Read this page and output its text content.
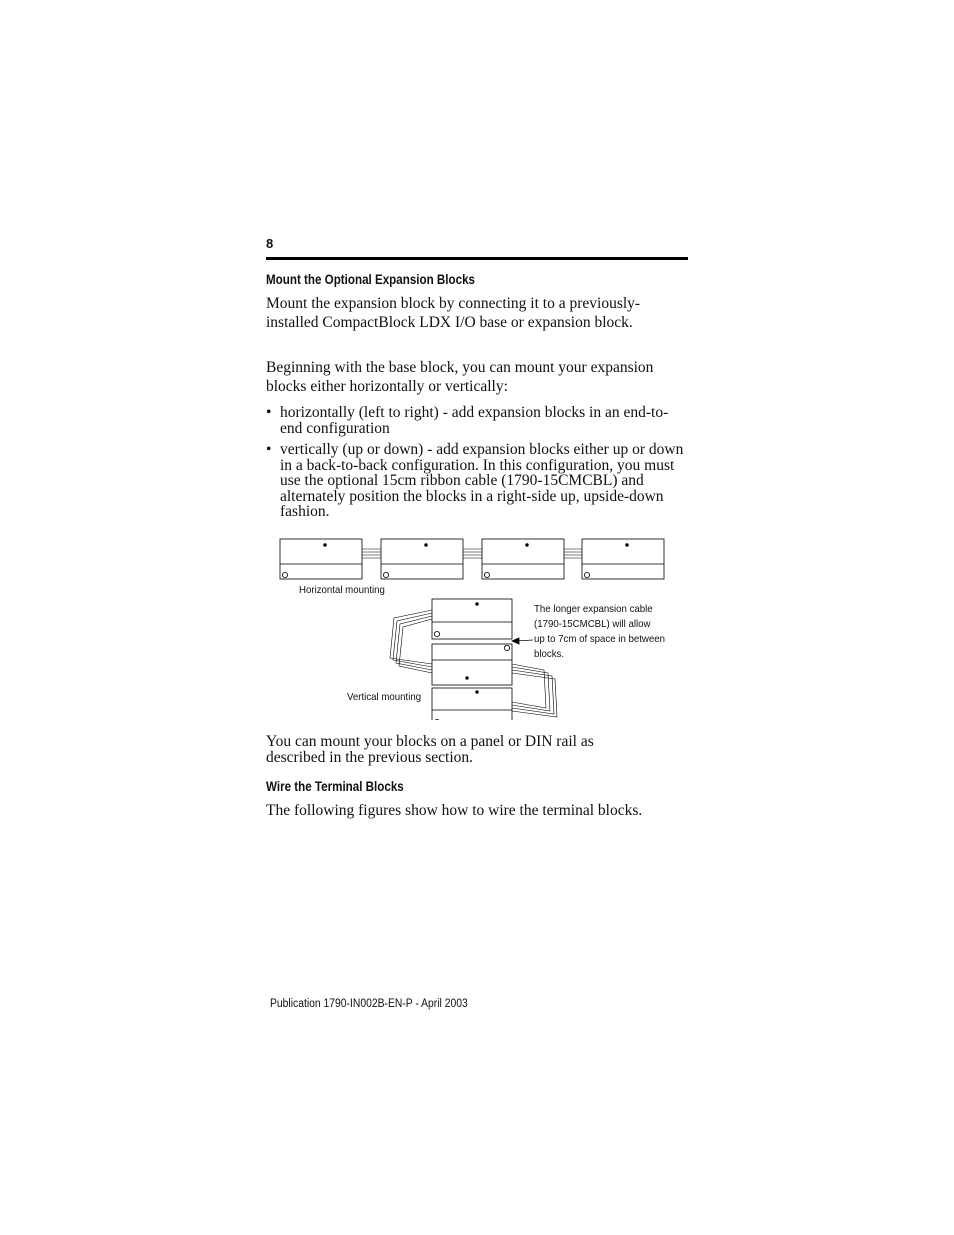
8
Mount the Optional Expansion Blocks
Mount the expansion block by connecting it to a previously-installed CompactBlock LDX I/O base or expansion block.
Beginning with the base block, you can mount your expansion blocks either horizontally or vertically:
• horizontally (left to right) - add expansion blocks in an end-to-end configuration
• vertically (up or down) - add expansion blocks either up or down in a back-to-back configuration. In this configuration, you must use the optional 15cm ribbon cable (1790-15CMCBL) and alternately position the blocks in a right-side up, upside-down fashion.
Horizontal mounting
Vertical mounting
The longer expansion cable
(1790-15CMCBL) will allow
up to 7cm of space in between
blocks.
You can mount your blocks on a panel or DIN rail as described in the previous section.
Wire the Terminal Blocks
The following figures show how to wire the terminal blocks.
Publication 1790-IN002B-EN-P - April 2003
